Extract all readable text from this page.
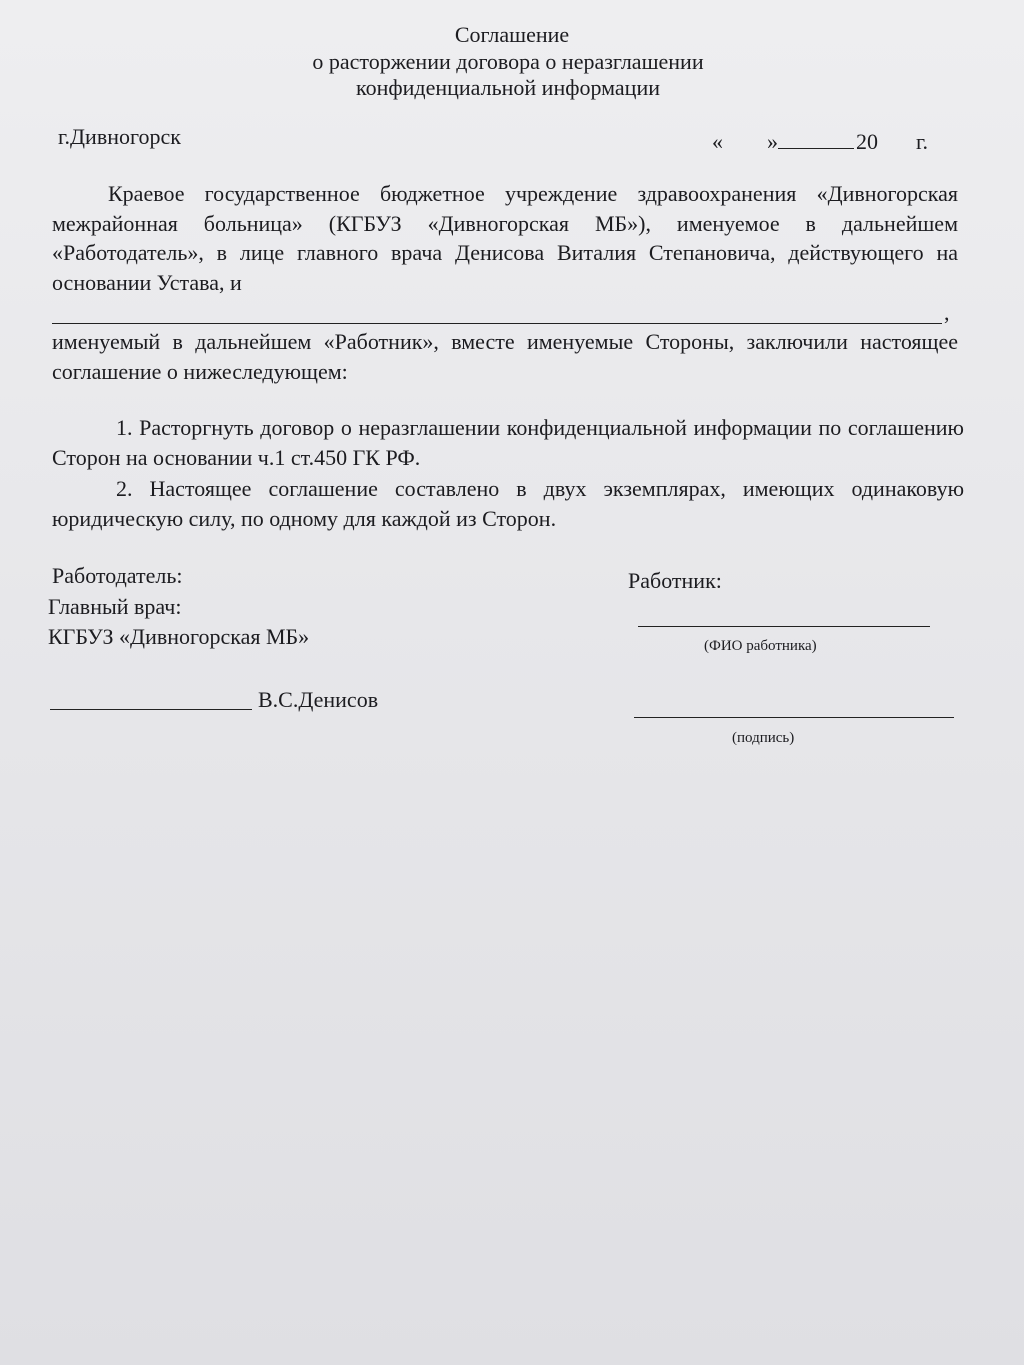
Соглашение
о расторжении договора о неразглашении
конфиденциальной информации
г.Дивногорск	« »	20 г.
Краевое государственное бюджетное учреждение здравоохранения «Дивногорская межрайонная больница» (КГБУЗ «Дивногорская МБ»), именуемое в дальнейшем «Работодатель», в лице главного врача Денисова Виталия Степановича, действующего на основании Устава, и
,
именуемый в дальнейшем «Работник», вместе именуемые Стороны, заключили настоящее соглашение о нижеследующем:
1. Расторгнуть договор о неразглашении конфиденциальной информации по соглашению Сторон на основании ч.1 ст.450 ГК РФ.
2. Настоящее соглашение составлено в двух экземплярах, имеющих одинаковую юридическую силу, по одному для каждой из Сторон.
Работодатель:
Главный врач:
КГБУЗ «Дивногорская МБ»
В.С.Денисов
Работник:
(ФИО работника)
(подпись)
